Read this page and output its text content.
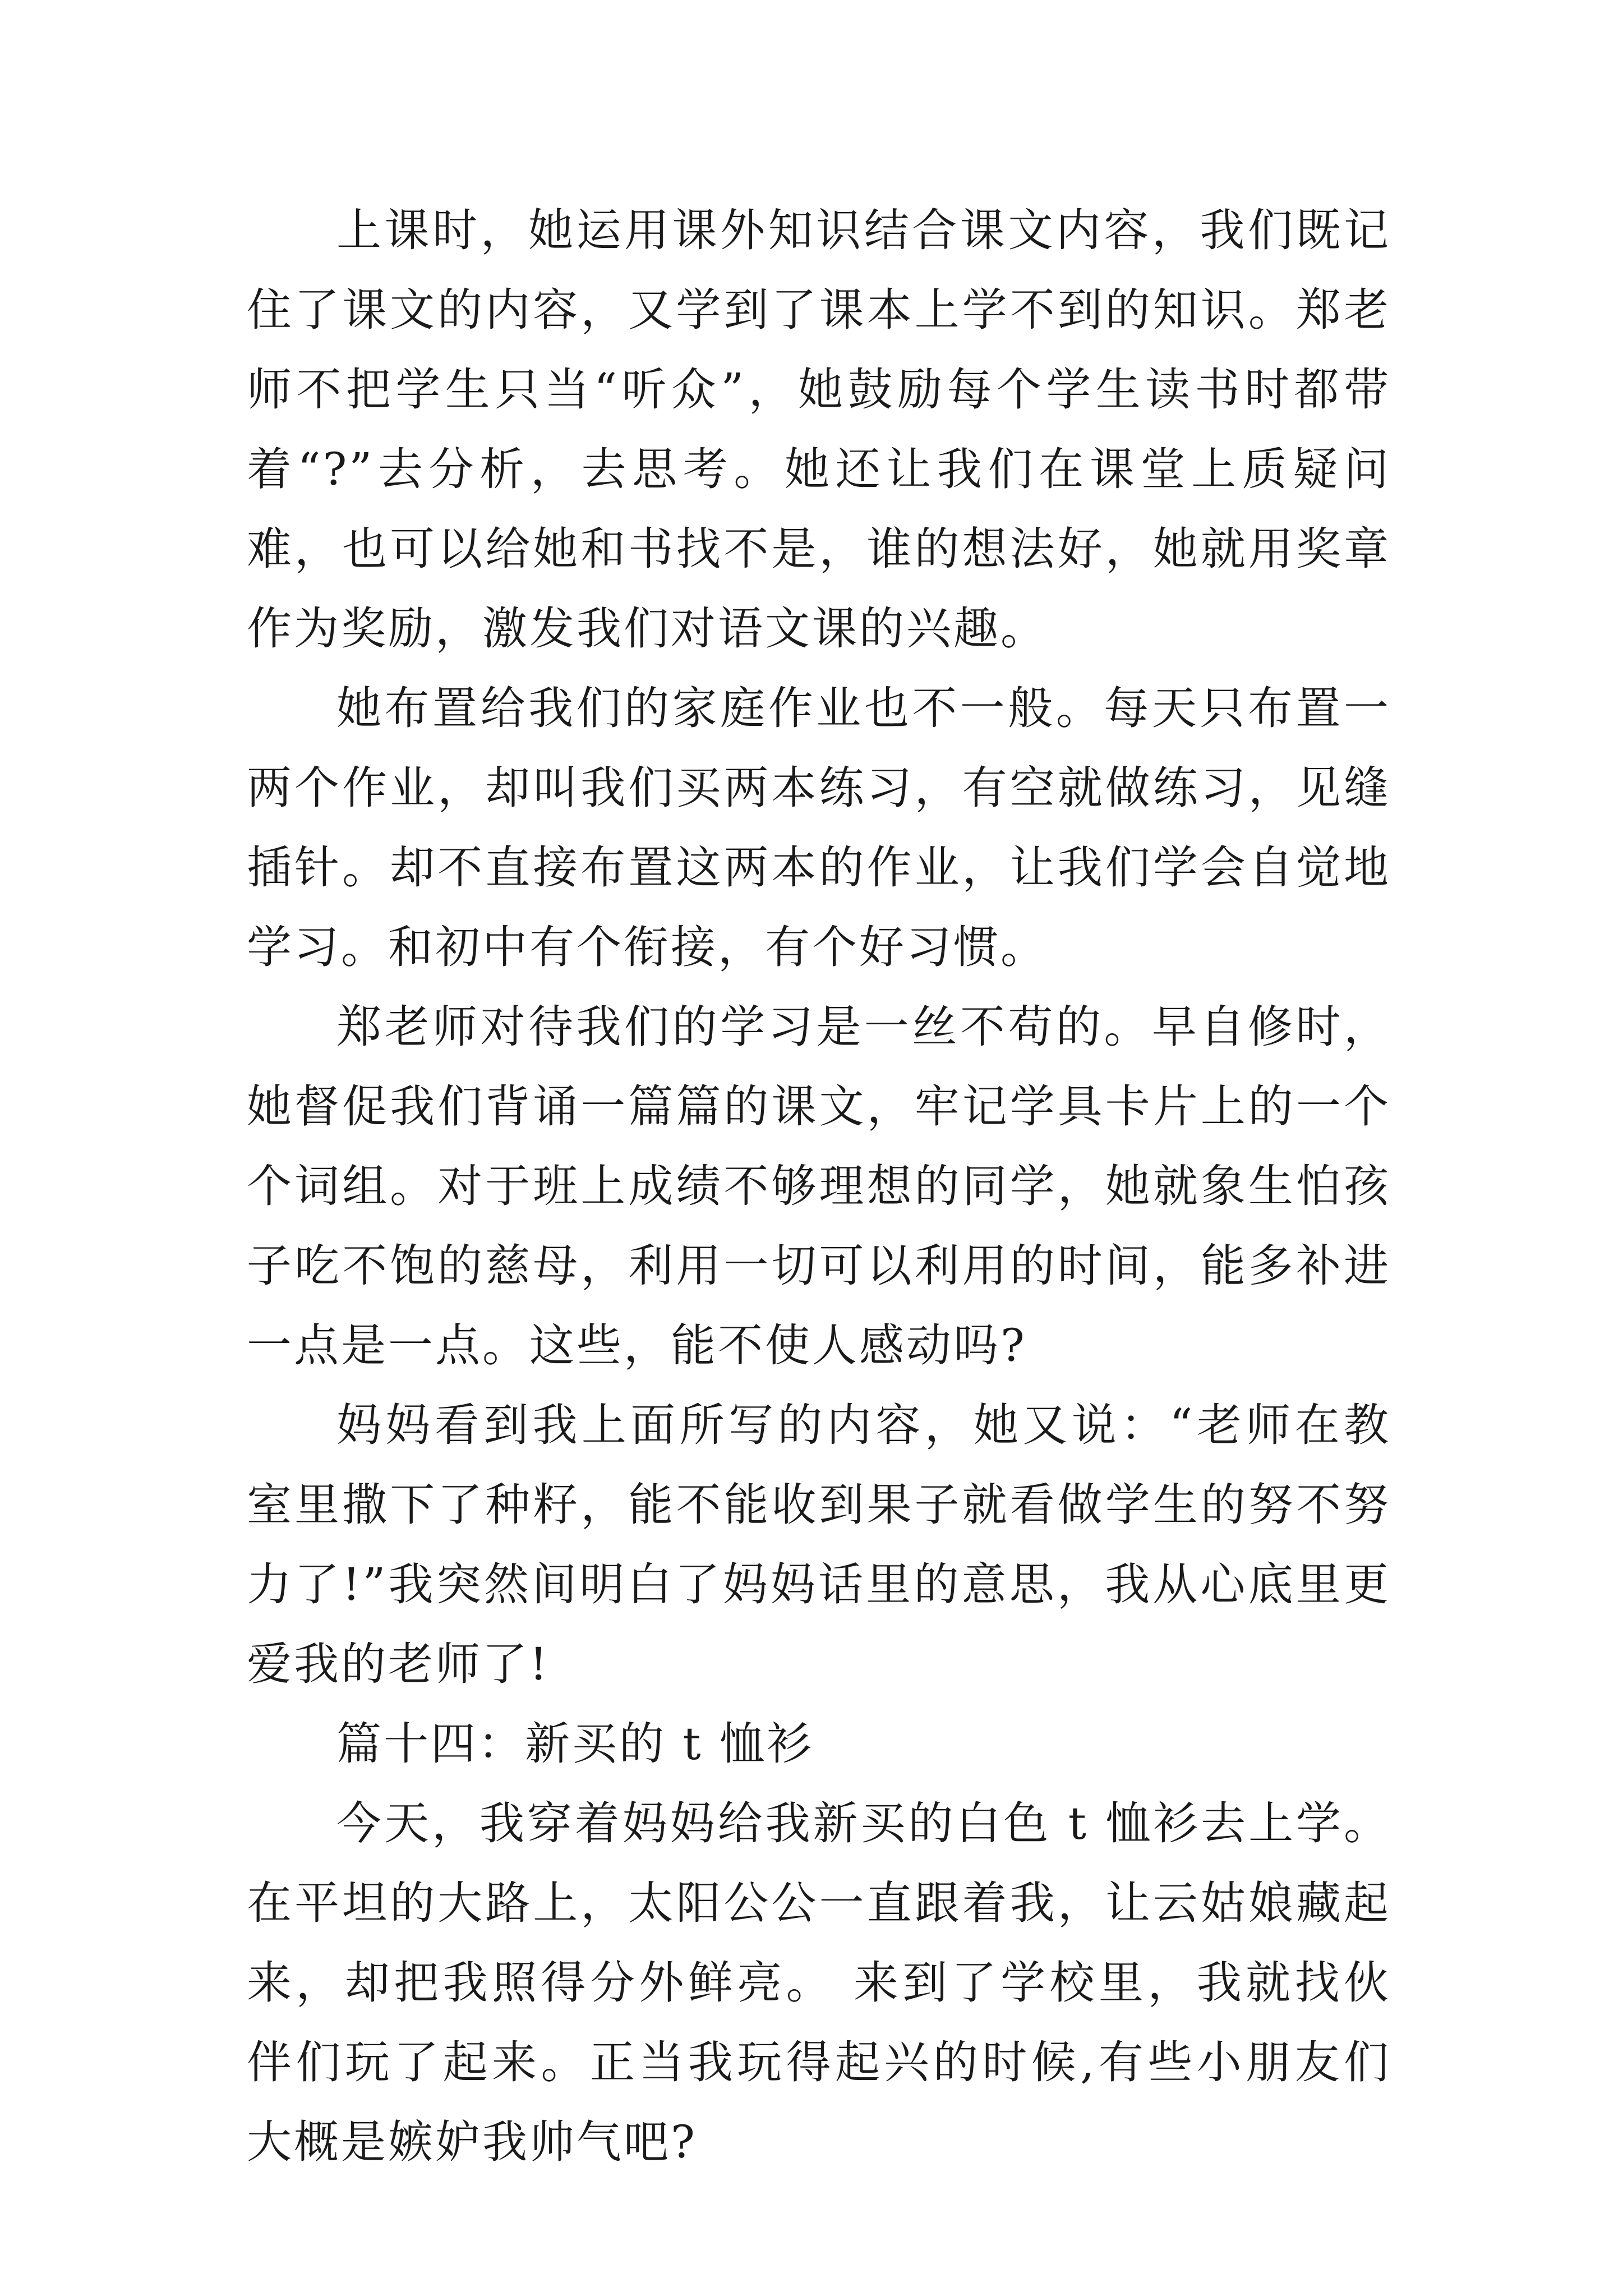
上课时，她运用课外知识结合课文内容，我们既记住了课文的内容，又学到了课本上学不到的知识。郑老师不把学生只当“听众”，她鼓励每个学生读书时都带着“?”去分析，去思考。她还让我们在课堂上质疑问难，也可以给她和书找不是，谁的想法好，她就用奖章作为奖励，激发我们对语文课的兴趣。

她布置给我们的家庭作业也不一般。每天只布置一两个作业，却叫我们买两本练习，有空就做练习，见缝插针。却不直接布置这两本的作业，让我们学会自觉地学习。和初中有个衔接，有个好习惯。

郑老师对待我们的学习是一丝不苟的。早自修时，她督促我们背诵一篇篇的课文，牢记学具卡片上的一个个词组。对于班上成绩不够理想的同学，她就象生怕孩子吃不饱的慈母，利用一切可以利用的时间，能多补进一点是一点。这些，能不使人感动吗?

妈妈看到我上面所写的内容，她又说：“老师在教室里撒下了种籽，能不能收到果子就看做学生的努不努力了!”我突然间明白了妈妈话里的意思，我从心底里更爱我的老师了!

篇十四：新买的 t 恤衫

今天，我穿着妈妈给我新买的白色 t 恤衫去上学。在平坦的大路上，太阳公公一直跟着我，让云姑娘藏起来，却把我照得分外鲜亮。 来到了学校里，我就找伙伴们玩了起来。正当我玩得起兴的时候,有些小朋友们大概是嫉妒我帅气吧?
